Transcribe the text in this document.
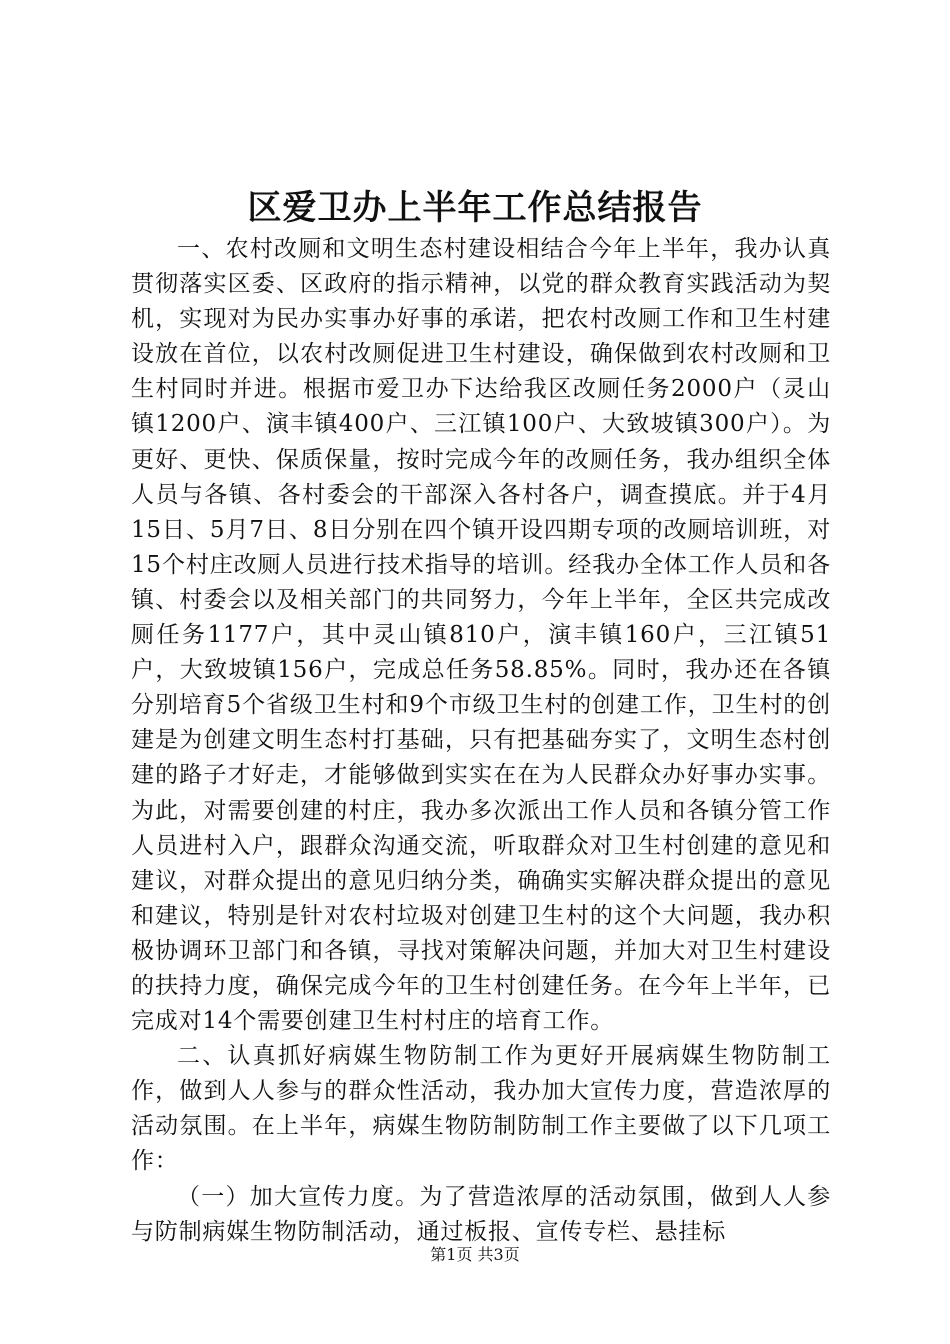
区爱卫办上半年工作总结报告

一、农村改厕和文明生态村建设相结合今年上半年，我办认真贯彻落实区委、区政府的指示精神，以党的群众教育实践活动为契机，实现对为民办实事办好事的承诺，把农村改厕工作和卫生村建设放在首位，以农村改厕促进卫生村建设，确保做到农村改厕和卫生村同时并进。根据市爱卫办下达给我区改厕任务2000户（灵山镇1200户、演丰镇400户、三江镇100户、大致坡镇300户）。为更好、更快、保质保量，按时完成今年的改厕任务，我办组织全体人员与各镇、各村委会的干部深入各村各户，调查摸底。并于4月15日、5月7日、8日分别在四个镇开设四期专项的改厕培训班，对15个村庄改厕人员进行技术指导的培训。经我办全体工作人员和各镇、村委会以及相关部门的共同努力，今年上半年，全区共完成改厕任务1177户，其中灵山镇810户，演丰镇160户，三江镇51户，大致坡镇156户，完成总任务58.85%。同时，我办还在各镇分别培育5个省级卫生村和9个市级卫生村的创建工作，卫生村的创建是为创建文明生态村打基础，只有把基础夯实了，文明生态村创建的路子才好走，才能够做到实实在在为人民群众办好事办实事。为此，对需要创建的村庄，我办多次派出工作人员和各镇分管工作人员进村入户，跟群众沟通交流，听取群众对卫生村创建的意见和建议，对群众提出的意见归纳分类，确确实实解决群众提出的意见和建议，特别是针对农村垃圾对创建卫生村的这个大问题，我办积极协调环卫部门和各镇，寻找对策解决问题，并加大对卫生村建设的扶持力度，确保完成今年的卫生村创建任务。在今年上半年，已完成对14个需要创建卫生村村庄的培育工作。

二、认真抓好病媒生物防制工作为更好开展病媒生物防制工作，做到人人参与的群众性活动，我办加大宣传力度，营造浓厚的活动氛围。在上半年，病媒生物防制防制工作主要做了以下几项工作：

（一）加大宣传力度。为了营造浓厚的活动氛围，做到人人参与防制病媒生物防制活动，通过板报、宣传专栏、悬挂标

第1页 共3页
